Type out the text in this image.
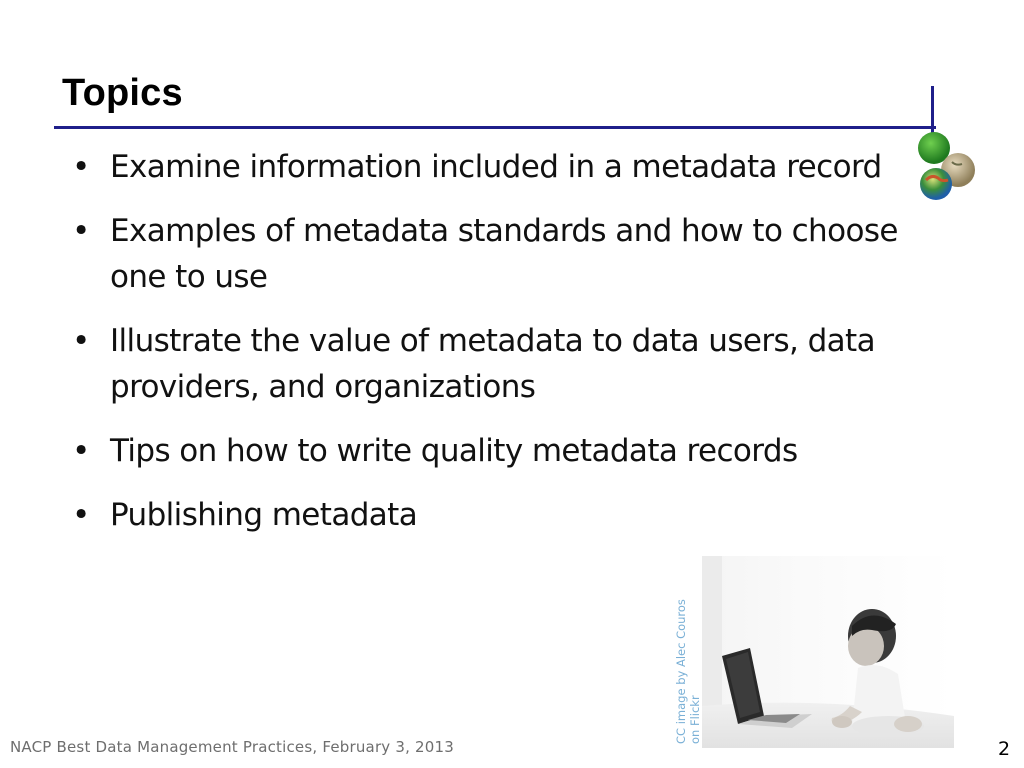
Topics
• Examine information included in a metadata record
• Examples of metadata standards and how to choose one to use
• Illustrate the value of metadata to data users, data providers, and organizations
• Tips on how to write quality metadata records
• Publishing metadata
CC image by Alec Couros on Flickr
NACP Best Data Management Practices, February 3, 2013	2
